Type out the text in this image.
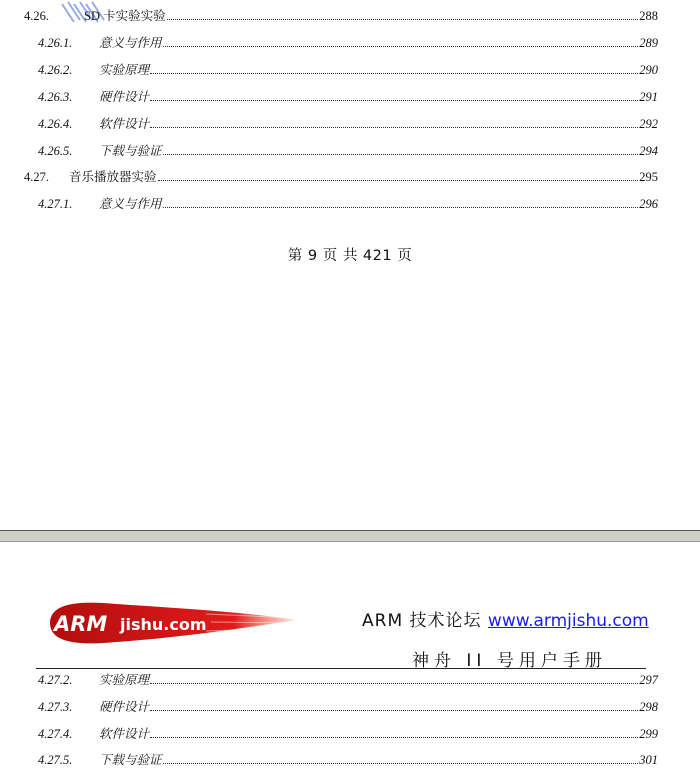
4.26.	SD 卡实验实验	288
4.26.1.	意义与作用	289
4.26.2.	实验原理	290
4.26.3.	硬件设计	291
4.26.4.	软件设计	292
4.26.5.	下载与验证	294
4.27.	音乐播放器实验	295
4.27.1.	意义与作用	296
第 9 页 共 421 页
ARM jishu.com	ARM 技术论坛 www.armjishu.com
神舟 II 号用户手册
4.27.2.	实验原理	297
4.27.3.	硬件设计	298
4.27.4.	软件设计	299
4.27.5.	下载与验证	301
